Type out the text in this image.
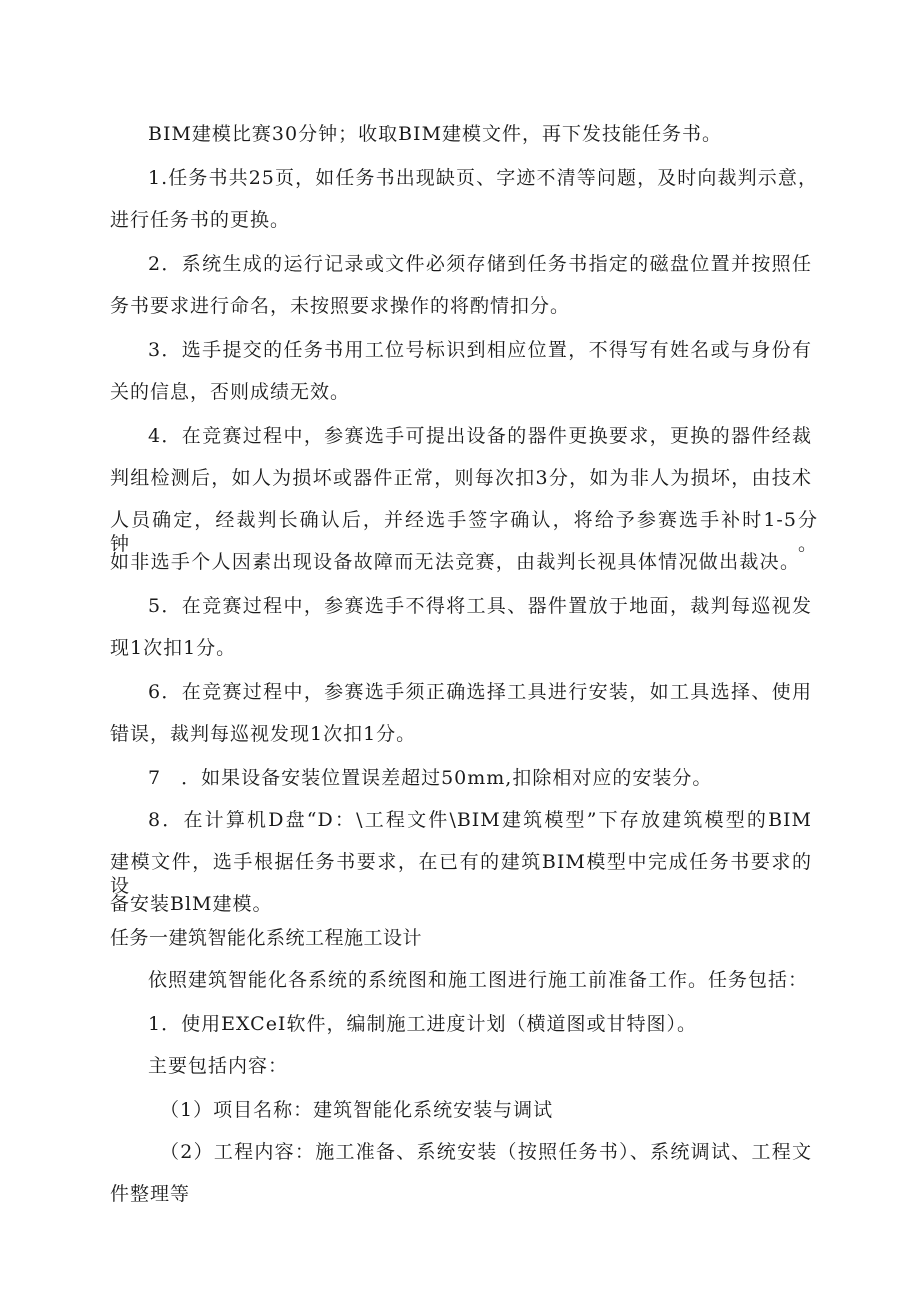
BIM建模比赛30分钟；收取BIM建模文件，再下发技能任务书。
1.任务书共25页，如任务书出现缺页、字迹不清等问题，及时向裁判示意，
进行任务书的更换。
2．系统生成的运行记录或文件必须存储到任务书指定的磁盘位置并按照任
务书要求进行命名，未按照要求操作的将酌情扣分。
3．选手提交的任务书用工位号标识到相应位置，不得写有姓名或与身份有
关的信息，否则成绩无效。
4．在竞赛过程中，参赛选手可提出设备的器件更换要求，更换的器件经裁
判组检测后，如人为损坏或器件正常，则每次扣3分，如为非人为损坏，由技术
人员确定，经裁判长确认后，并经选手签字确认，将给予参赛选手补时1-5分钟。
如非选手个人因素出现设备故障而无法竞赛，由裁判长视具体情况做出裁决。
5．在竞赛过程中，参赛选手不得将工具、器件置放于地面，裁判每巡视发
现1次扣1分。
6．在竞赛过程中，参赛选手须正确选择工具进行安装，如工具选择、使用
错误，裁判每巡视发现1次扣1分。
7　．如果设备安装位置误差超过50mm,扣除相对应的安装分。
8．在计算机D盘“D：\工程文件\BIM建筑模型”下存放建筑模型的BIM
建模文件，选手根据任务书要求，在已有的建筑BIM模型中完成任务书要求的设
备安装BlM建模。
任务一建筑智能化系统工程施工设计
依照建筑智能化各系统的系统图和施工图进行施工前准备工作。任务包括：
1．使用EXCeI软件，编制施工进度计划（横道图或甘特图）。
主要包括内容：
（1）项目名称：建筑智能化系统安装与调试
（2）工程内容：施工准备、系统安装（按照任务书）、系统调试、工程文
件整理等
